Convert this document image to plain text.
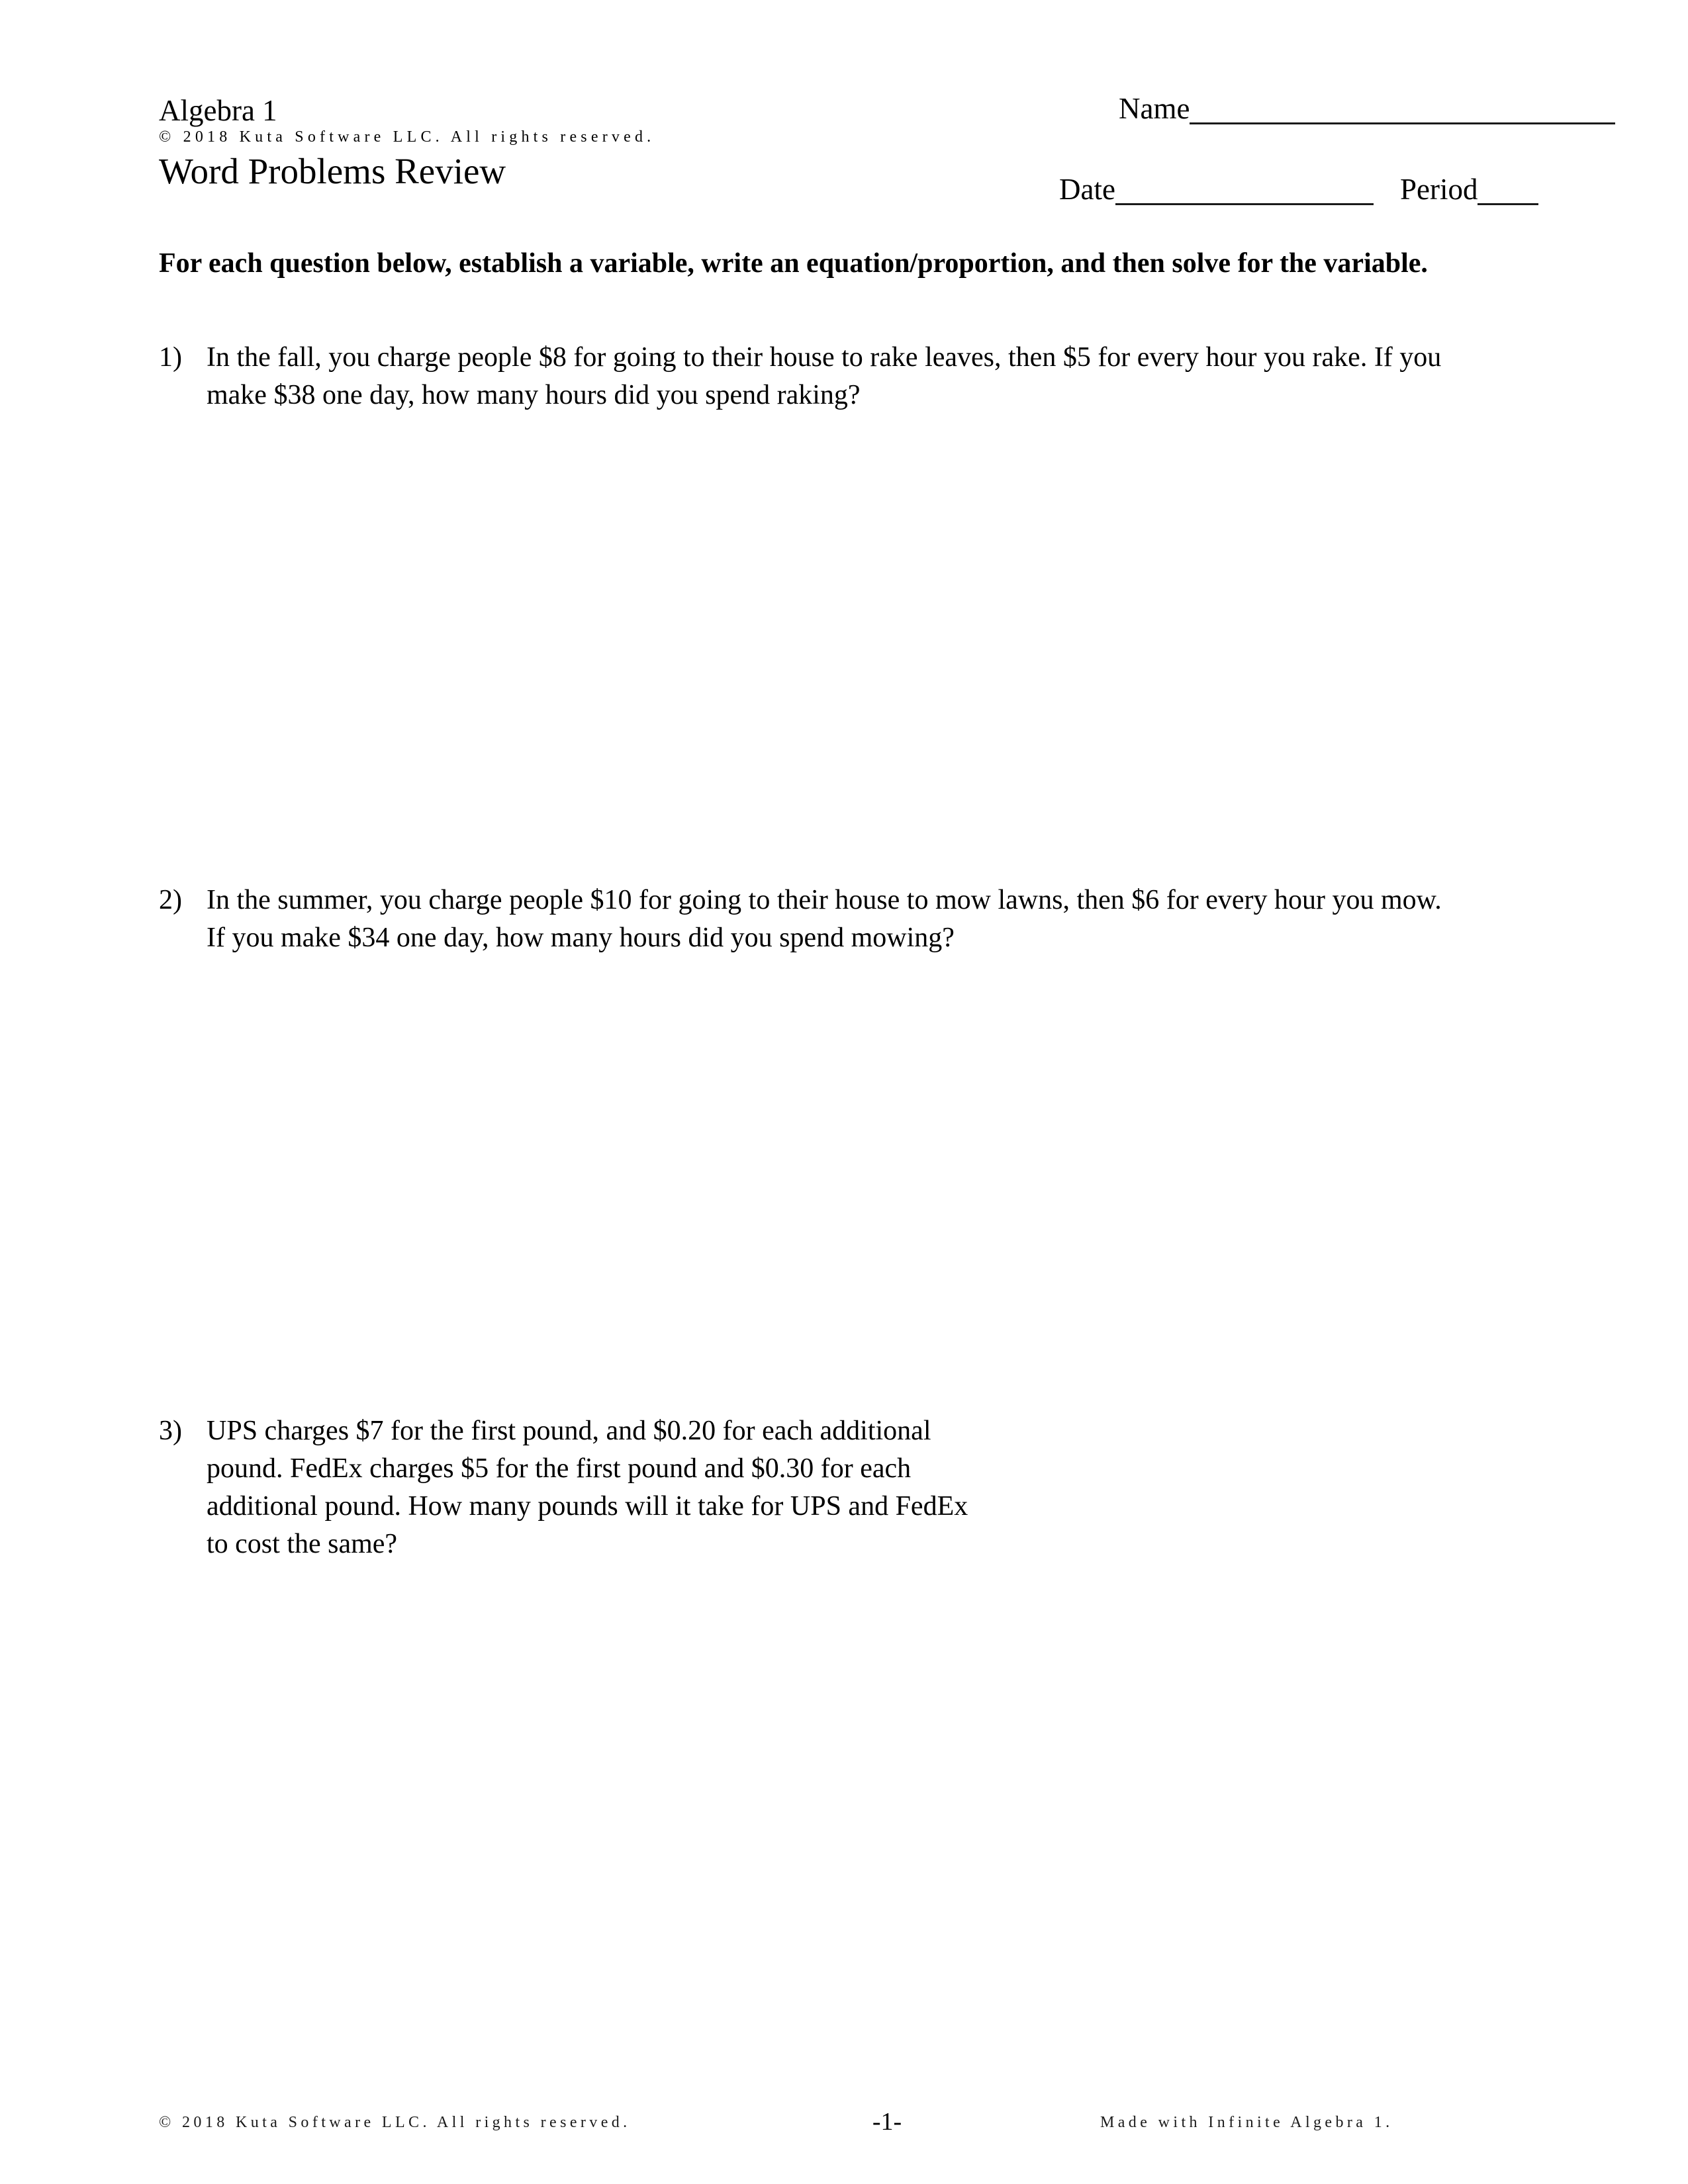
Algebra 1
© 2018 Kuta Software LLC. All rights reserved.
Word Problems Review
Name
Date	Period
For each question below, establish a variable, write an equation/proportion, and then solve for the variable.
1) In the fall, you charge people $8 for going to their house to rake leaves, then $5 for every hour you rake. If you make $38 one day, how many hours did you spend raking?
2) In the summer, you charge people $10 for going to their house to mow lawns, then $6 for every hour you mow. If you make $34 one day, how many hours did you spend mowing?
3) UPS charges $7 for the first pound, and $0.20 for each additional pound. FedEx charges $5 for the first pound and $0.30 for each additional pound. How many pounds will it take for UPS and FedEx to cost the same?
© 2018 Kuta Software LLC. All rights reserved.	-1-	Made with Infinite Algebra 1.
